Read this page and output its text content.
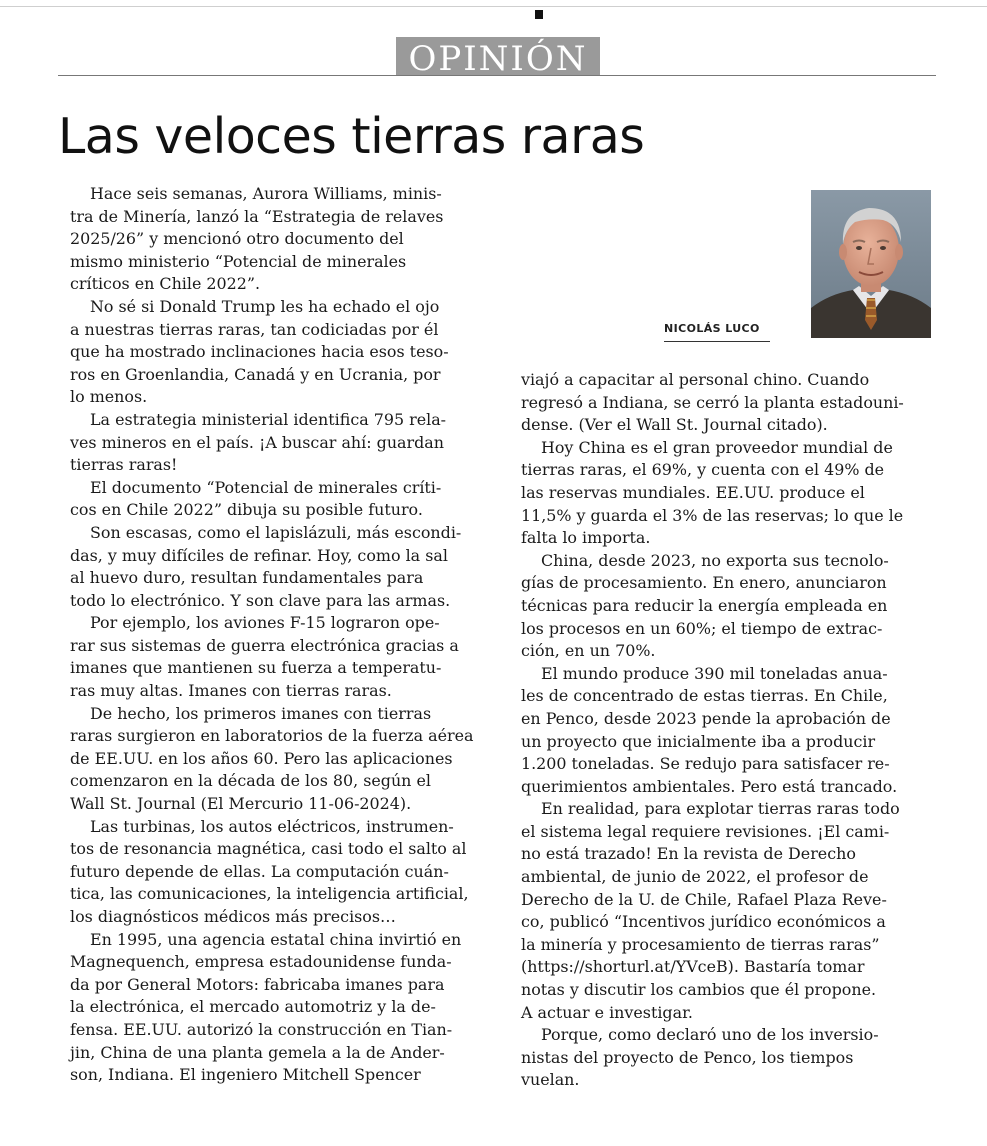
OPINIÓN
Las veloces tierras raras
NICOLÁS LUCO
Hace seis semanas, Aurora Williams, minis-
tra de Minería, lanzó la “Estrategia de relaves
2025/26” y mencionó otro documento del
mismo ministerio “Potencial de minerales
críticos en Chile 2022”.
No sé si Donald Trump les ha echado el ojo
a nuestras tierras raras, tan codiciadas por él
que ha mostrado inclinaciones hacia esos teso-
ros en Groenlandia, Canadá y en Ucrania, por
lo menos.
La estrategia ministerial identifica 795 rela-
ves mineros en el país. ¡A buscar ahí: guardan
tierras raras!
El documento “Potencial de minerales críti-
cos en Chile 2022” dibuja su posible futuro.
Son escasas, como el lapislázuli, más escondi-
das, y muy difíciles de refinar. Hoy, como la sal
al huevo duro, resultan fundamentales para
todo lo electrónico. Y son clave para las armas.
Por ejemplo, los aviones F-15 lograron ope-
rar sus sistemas de guerra electrónica gracias a
imanes que mantienen su fuerza a temperatu-
ras muy altas. Imanes con tierras raras.
De hecho, los primeros imanes con tierras
raras surgieron en laboratorios de la fuerza aérea
de EE.UU. en los años 60. Pero las aplicaciones
comenzaron en la década de los 80, según el
Wall St. Journal (El Mercurio 11-06-2024).
Las turbinas, los autos eléctricos, instrumen-
tos de resonancia magnética, casi todo el salto al
futuro depende de ellas. La computación cuán-
tica, las comunicaciones, la inteligencia artificial,
los diagnósticos médicos más precisos…
En 1995, una agencia estatal china invirtió en
Magnequench, empresa estadounidense funda-
da por General Motors: fabricaba imanes para
la electrónica, el mercado automotriz y la de-
fensa. EE.UU. autorizó la construcción en Tian-
jin, China de una planta gemela a la de Ander-
son, Indiana. El ingeniero Mitchell Spencer
viajó a capacitar al personal chino. Cuando
regresó a Indiana, se cerró la planta estadouni-
dense. (Ver el Wall St. Journal citado).
Hoy China es el gran proveedor mundial de
tierras raras, el 69%, y cuenta con el 49% de
las reservas mundiales. EE.UU. produce el
11,5% y guarda el 3% de las reservas; lo que le
falta lo importa.
China, desde 2023, no exporta sus tecnolo-
gías de procesamiento. En enero, anunciaron
técnicas para reducir la energía empleada en
los procesos en un 60%; el tiempo de extrac-
ción, en un 70%.
El mundo produce 390 mil toneladas anua-
les de concentrado de estas tierras. En Chile,
en Penco, desde 2023 pende la aprobación de
un proyecto que inicialmente iba a producir
1.200 toneladas. Se redujo para satisfacer re-
querimientos ambientales. Pero está trancado.
En realidad, para explotar tierras raras todo
el sistema legal requiere revisiones. ¡El cami-
no está trazado! En la revista de Derecho
ambiental, de junio de 2022, el profesor de
Derecho de la U. de Chile, Rafael Plaza Reve-
co, publicó “Incentivos jurídico económicos a
la minería y procesamiento de tierras raras”
(https://shorturl.at/YVceB). Bastaría tomar
notas y discutir los cambios que él propone.
A actuar e investigar.
Porque, como declaró uno de los inversio-
nistas del proyecto de Penco, los tiempos
vuelan.
